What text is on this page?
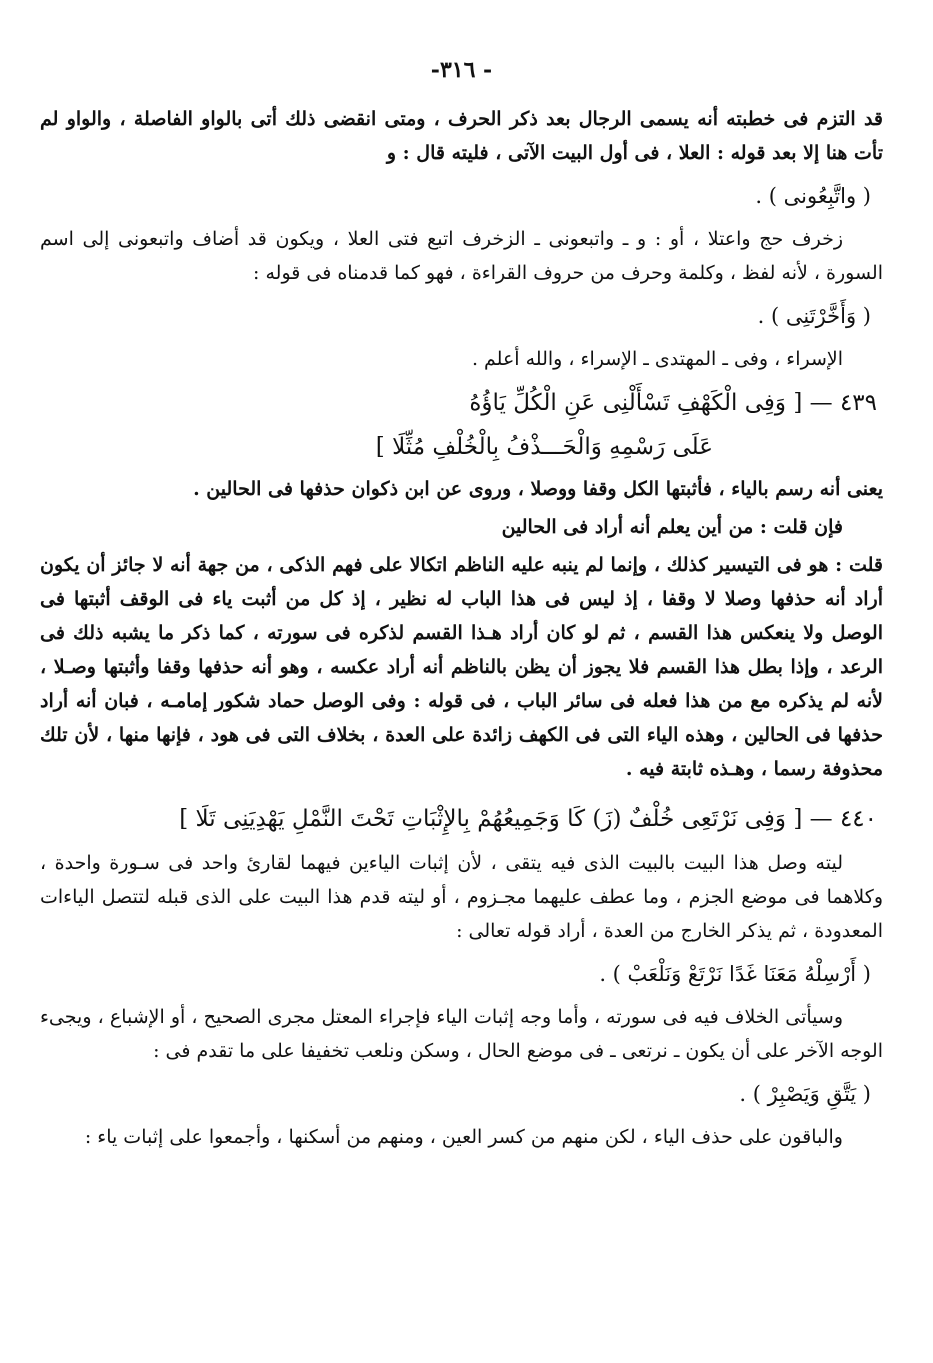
- ٣١٦-

قد التزم فى خطبته أنه يسمى الرجال بعد ذكر الحرف ، ومتى انقضى ذلك أتى بالواو الفاصلة ، والواو لم تأت هنا إلا بعد قوله : العلا ، فى أول البيت الآتى ، فليته قال : و

( واتَّبِعُونى ) .

زخرف حج واعتلا ، أو : و ـ واتبعونى ـ الزخرف اتبع فتى العلا ، ويكون قد أضاف واتبعونى إلى اسم السورة ، لأنه لفظ ، وكلمة وحرف من حروف القراءة ، فهو كما قدمناه فى قوله :

( وَأَخَّرْتَنِى ) .

الإسراء ، وفى ـ المهتدى ـ الإسراء ، والله أعلم .

٤٣٩ — [ وَفِى الْكَهْفِ تَسْأَلْنِى عَنِ الْكُلِّ يَاؤُهُ

عَلَى رَسْمِهِ وَالْحَـــذْفُ بِالْخُلْفِ مُثِّلَا ]

يعنى أنه رسم بالياء ، فأثبتها الكل وقفا ووصلا ، وروى عن ابن ذكوان حذفها فى الحالين .

فإن قلت : من أين يعلم أنه أراد فى الحالين

قلت : هو فى التيسير كذلك ، وإنما لم ينبه عليه الناظم اتكالا على فهم الذكى ، من جهة أنه لا جائز أن يكون أراد أنه حذفها وصلا لا وقفا ، إذ ليس فى هذا الباب له نظير ، إذ كل من أثبت ياء فى الوقف أثبتها فى الوصل ولا ينعكس هذا القسم ، ثم لو كان أراد هـذا القسم لذكره فى سورته ، كما ذكر ما يشبه ذلك فى الرعد ، وإذا بطل هذا القسم فلا يجوز أن يظن بالناظم أنه أراد عكسه ، وهو أنه حذفها وقفا وأثبتها وصـلا ، لأنه لم يذكره مع من هذا فعله فى سائر الباب ، فى قوله : وفى الوصل حماد شكور إمامـه ، فبان أنه أراد حذفها فى الحالين ، وهذه الياء التى فى الكهف زائدة على العدة ، بخلاف التى فى هود ، فإنها منها ، لأن تلك محذوفة رسما ، وهـذه ثابتة فيه .

٤٤٠ — [ وَفِى نَرْتَعِى خُلْفٌ (زَ) كَا وَجَمِيعُهُمْ بِالإِثْبَاتِ تَحْتَ النَّمْلِ يَهْدِيَنِى تَلَا ]

ليته وصل هذا البيت بالبيت الذى فيه يتقى ، لأن إثبات الياءين فيهما لقارئ واحد فى سـورة واحدة ، وكلاهما فى موضع الجزم ، وما عطف عليهما مجـزوم ، أو ليته قدم هذا البيت على الذى قبله لتتصل الياءات المعدودة ، ثم يذكر الخارج من العدة ، أراد قوله تعالى :

( أَرْسِلْهُ مَعَنَا غَدًا نَرْتَعْ وَنَلْعَبْ ) .

وسيأتى الخلاف فيه فى سورته ، وأما وجه إثبات الياء فإجراء المعتل مجرى الصحيح ، أو الإشباع ، ويجىء الوجه الآخر على أن يكون ـ نرتعى ـ فى موضع الحال ، وسكن ونلعب تخفيفا على ما تقدم فى :

( يَتَّقِ وَيَصْبِرْ ) .

والباقون على حذف الياء ، لكن منهم من كسر العين ، ومنهم من أسكنها ، وأجمعوا على إثبات ياء :
